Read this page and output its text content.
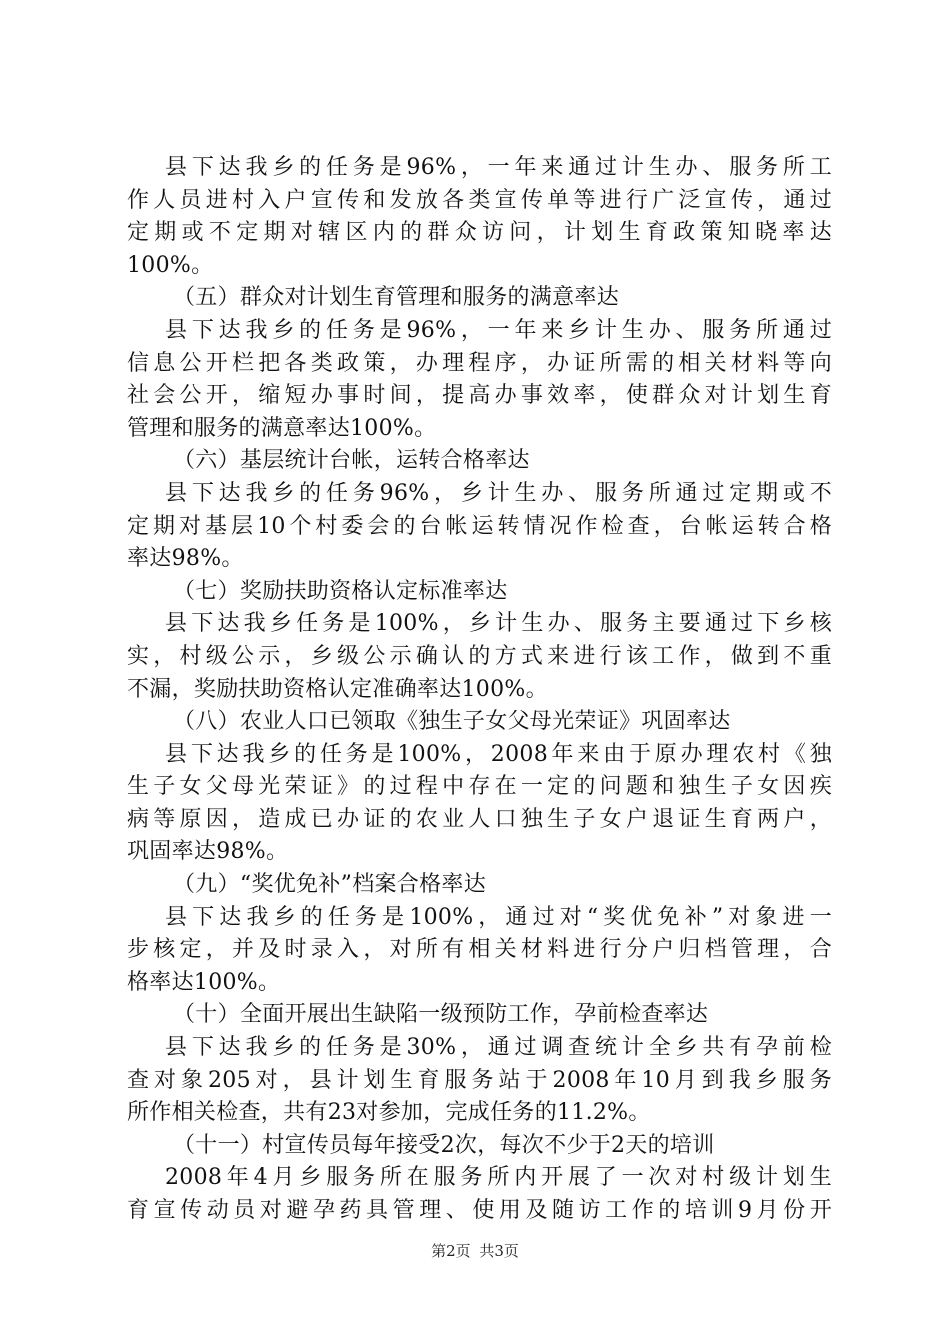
县下达我乡的任务是96%，一年来通过计生办、服务所工
作人员进村入户宣传和发放各类宣传单等进行广泛宣传，通过
定期或不定期对辖区内的群众访问，计划生育政策知晓率达
100%。
（五）群众对计划生育管理和服务的满意率达
县下达我乡的任务是96%，一年来乡计生办、服务所通过
信息公开栏把各类政策，办理程序，办证所需的相关材料等向
社会公开，缩短办事时间，提高办事效率，使群众对计划生育
管理和服务的满意率达100%。
（六）基层统计台帐，运转合格率达
县下达我乡的任务96%，乡计生办、服务所通过定期或不
定期对基层10个村委会的台帐运转情况作检查，台帐运转合格
率达98%。
（七）奖励扶助资格认定标准率达
县下达我乡任务是100%，乡计生办、服务主要通过下乡核
实，村级公示，乡级公示确认的方式来进行该工作，做到不重
不漏，奖励扶助资格认定准确率达100%。
（八）农业人口已领取《独生子女父母光荣证》巩固率达
县下达我乡的任务是100%，2008年来由于原办理农村《独
生子女父母光荣证》的过程中存在一定的问题和独生子女因疾
病等原因，造成已办证的农业人口独生子女户退证生育两户，
巩固率达98%。
（九）“奖优免补”档案合格率达
县下达我乡的任务是100%，通过对“奖优免补”对象进一
步核定，并及时录入，对所有相关材料进行分户归档管理，合
格率达100%。
（十）全面开展出生缺陷一级预防工作，孕前检查率达
县下达我乡的任务是30%，通过调查统计全乡共有孕前检
查对象205对，县计划生育服务站于2008年10月到我乡服务
所作相关检查，共有23对参加，完成任务的11.2%。
（十一）村宣传员每年接受2次，每次不少于2天的培训
2008年4月乡服务所在服务所内开展了一次对村级计划生
育宣传动员对避孕药具管理、使用及随访工作的培训9月份开
第2页 共3页
